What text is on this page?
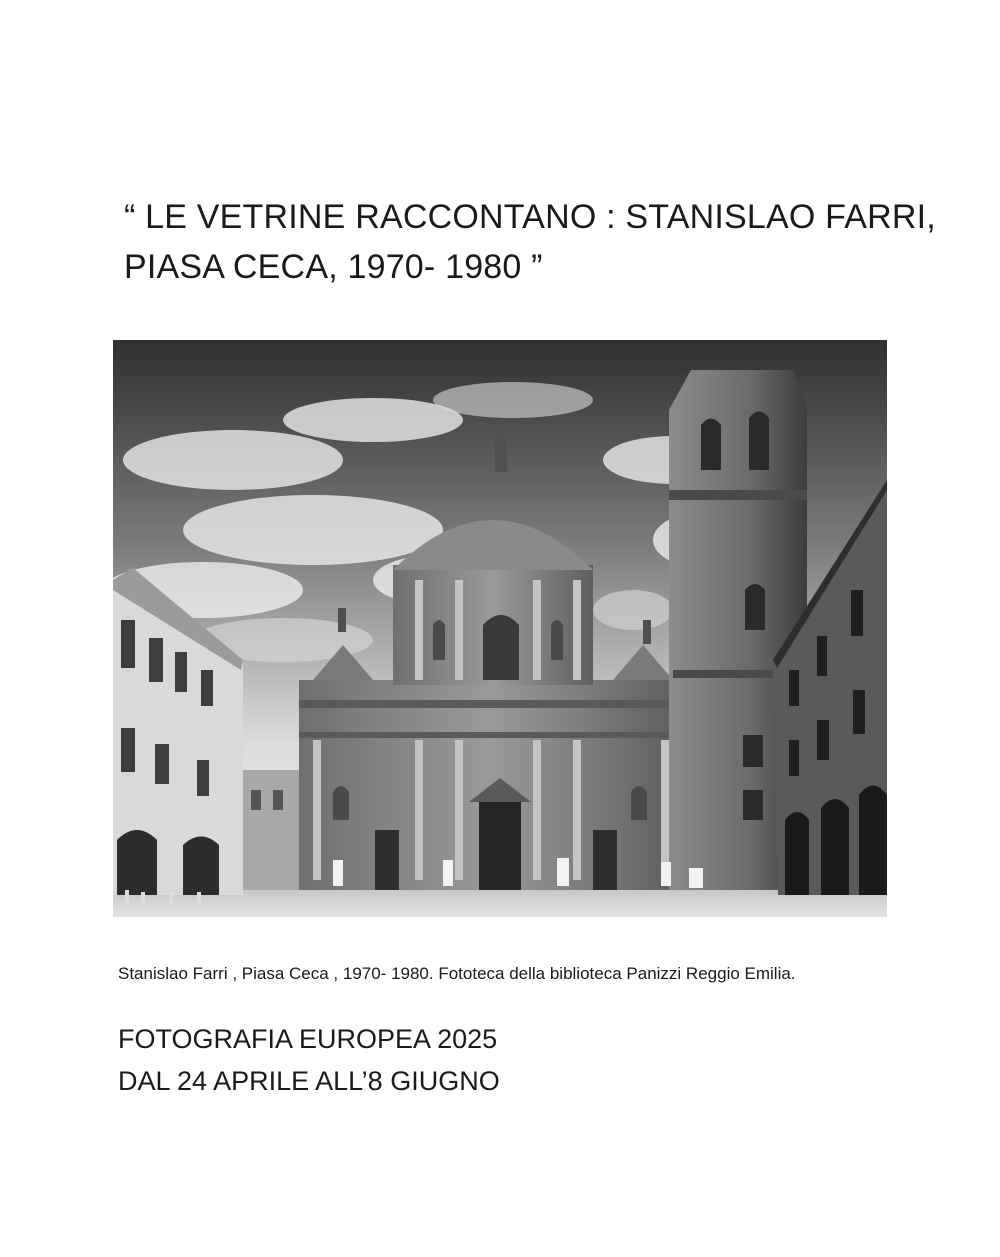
“ LE VETRINE RACCONTANO : STANISLAO FARRI,
PIASA CECA, 1970- 1980 ”

Stanislao Farri , Piasa Ceca , 1970- 1980. Fototeca della biblioteca Panizzi Reggio Emilia.

FOTOGRAFIA EUROPEA 2025
DAL 24 APRILE ALL’8 GIUGNO
